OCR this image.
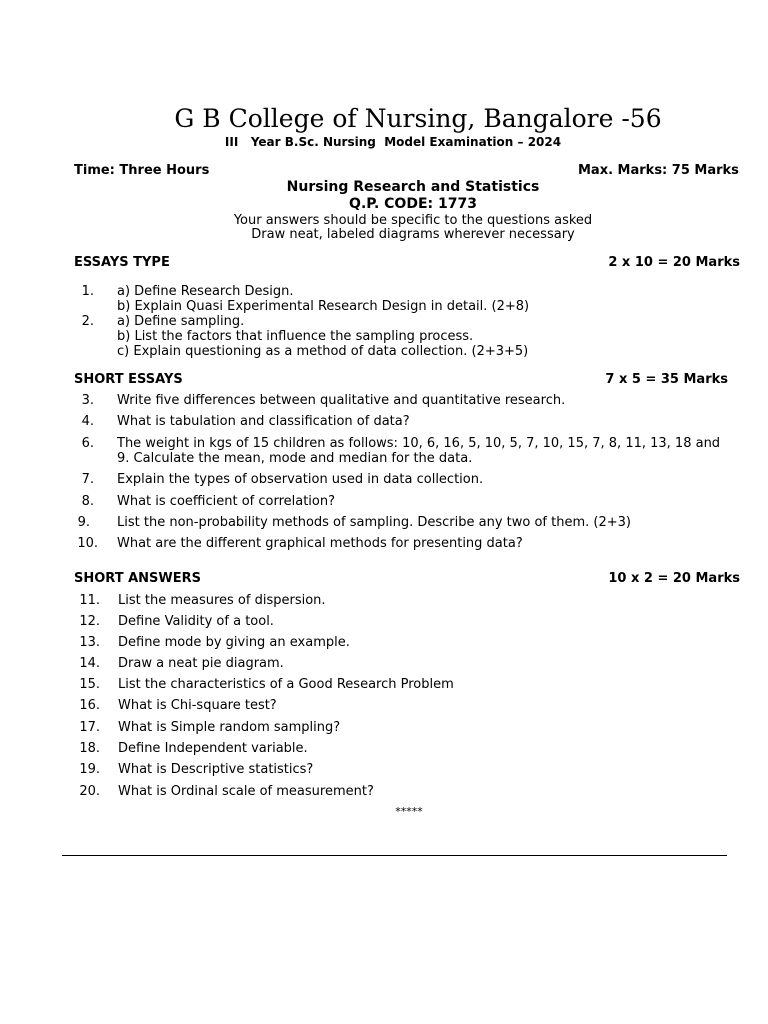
G B College of Nursing, Bangalore -56
III   Year B.Sc. Nursing  Model Examination – 2024
Time: Three Hours	Max. Marks: 75 Marks
Nursing Research and Statistics
Q.P. CODE: 1773
Your answers should be specific to the questions asked
Draw neat, labeled diagrams wherever necessary
ESSAYS TYPE	2 x 10 = 20 Marks
1. a) Define Research Design.
b) Explain Quasi Experimental Research Design in detail. (2+8)
2. a) Define sampling.
b) List the factors that influence the sampling process.
c) Explain questioning as a method of data collection. (2+3+5)
SHORT ESSAYS	7 x 5 = 35 Marks
3. Write five differences between qualitative and quantitative research.
4. What is tabulation and classification of data?
6. The weight in kgs of 15 children as follows: 10, 6, 16, 5, 10, 5, 7, 10, 15, 7, 8, 11, 13, 18 and
9. Calculate the mean, mode and median for the data.
7. Explain the types of observation used in data collection.
8. What is coefficient of correlation?
9. List the non-probability methods of sampling. Describe any two of them. (2+3)
10. What are the different graphical methods for presenting data?
SHORT ANSWERS	10 x 2 = 20 Marks
11. List the measures of dispersion.
12. Define Validity of a tool.
13. Define mode by giving an example.
14. Draw a neat pie diagram.
15. List the characteristics of a Good Research Problem
16. What is Chi-square test?
17. What is Simple random sampling?
18. Define Independent variable.
19. What is Descriptive statistics?
20. What is Ordinal scale of measurement?
*****
